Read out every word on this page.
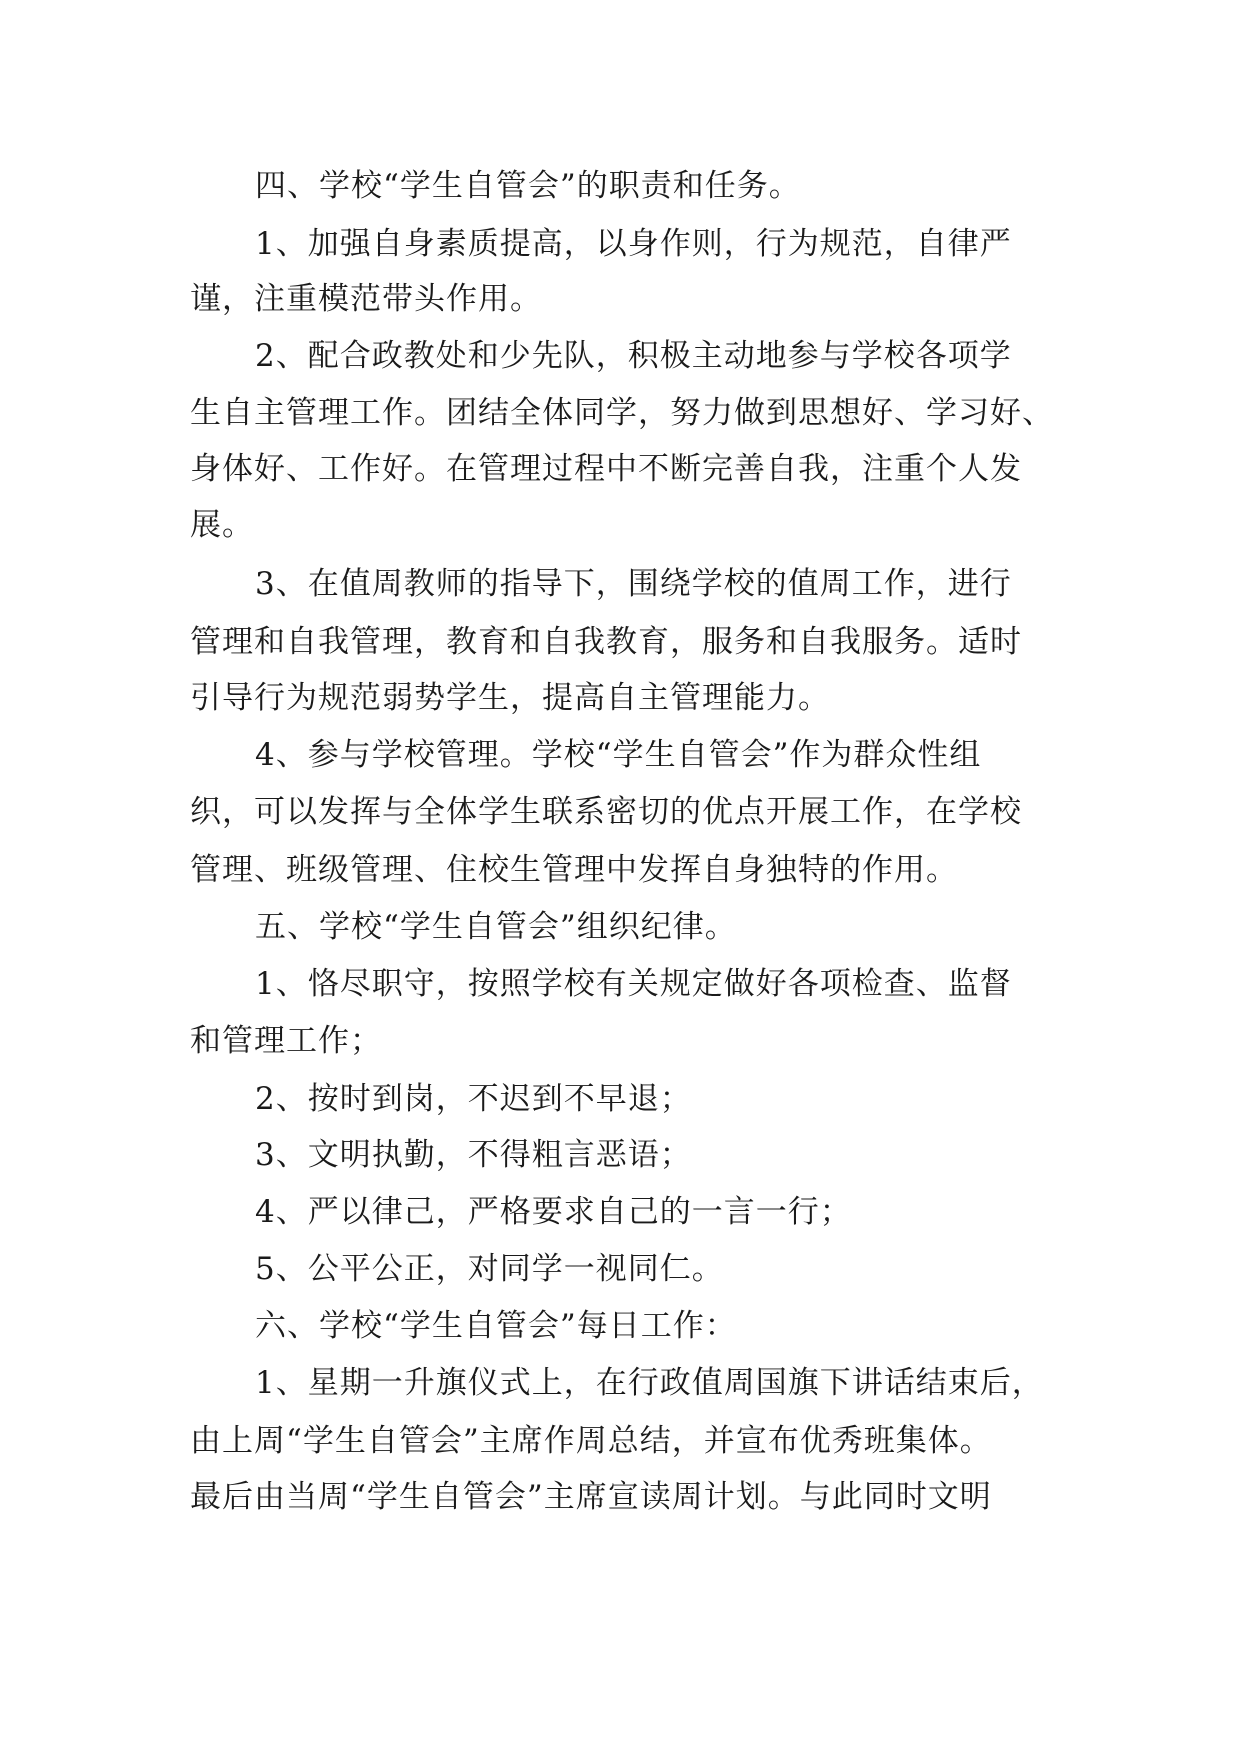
四、学校“学生自管会”的职责和任务。
1、加强自身素质提高，以身作则，行为规范，自律严
谨，注重模范带头作用。
2、配合政教处和少先队，积极主动地参与学校各项学
生自主管理工作。团结全体同学，努力做到思想好、学习好、
身体好、工作好。在管理过程中不断完善自我，注重个人发
展。
3、在值周教师的指导下，围绕学校的值周工作，进行
管理和自我管理，教育和自我教育，服务和自我服务。适时
引导行为规范弱势学生，提高自主管理能力。
4、参与学校管理。学校“学生自管会”作为群众性组
织，可以发挥与全体学生联系密切的优点开展工作，在学校
管理、班级管理、住校生管理中发挥自身独特的作用。
五、学校“学生自管会”组织纪律。
1、恪尽职守，按照学校有关规定做好各项检查、监督
和管理工作；
2、按时到岗，不迟到不早退；
3、文明执勤，不得粗言恶语；
4、严以律己，严格要求自己的一言一行；
5、公平公正，对同学一视同仁。
六、学校“学生自管会”每日工作：
1、星期一升旗仪式上，在行政值周国旗下讲话结束后，
由上周“学生自管会”主席作周总结，并宣布优秀班集体。
最后由当周“学生自管会”主席宣读周计划。与此同时文明
